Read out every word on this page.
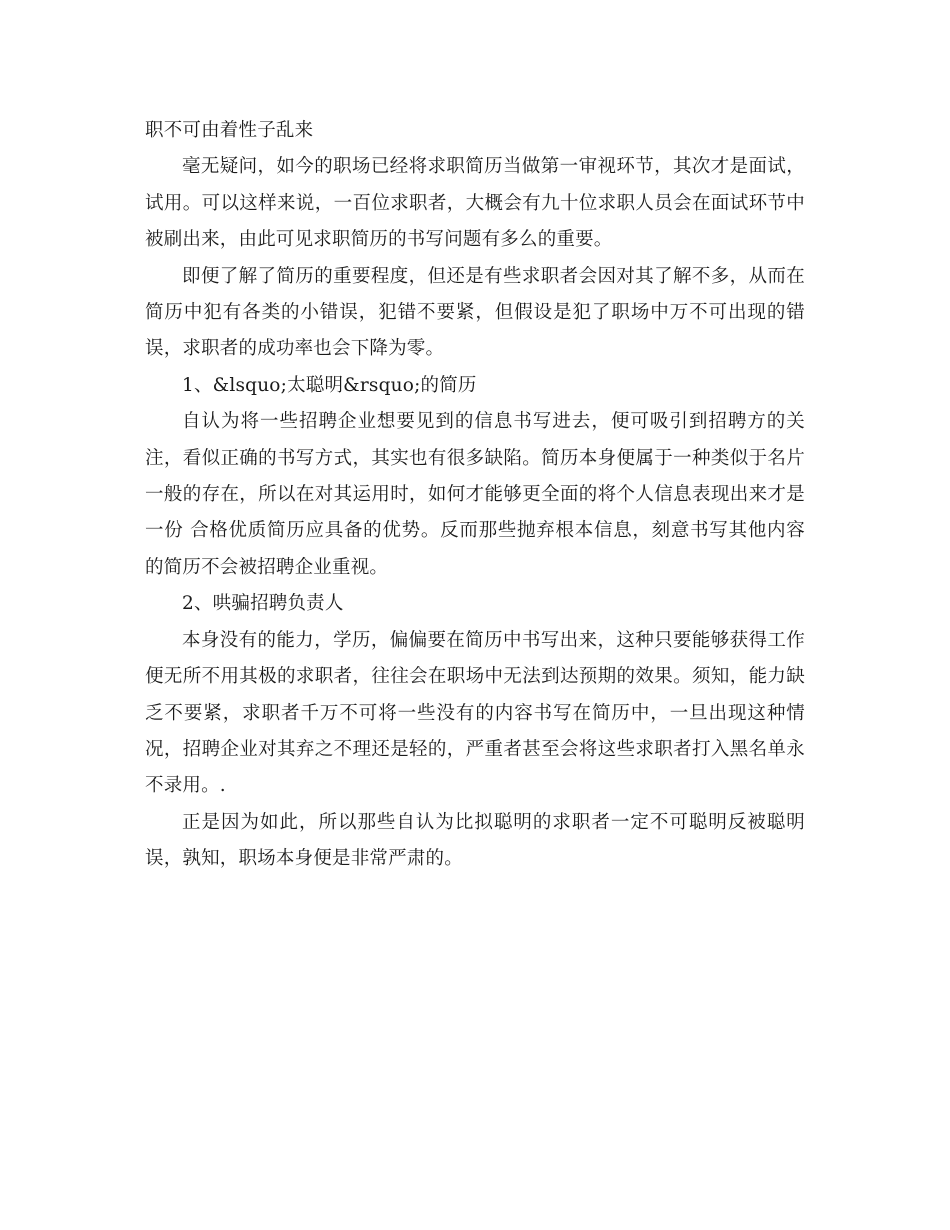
职不可由着性子乱来

毫无疑问，如今的职场已经将求职简历当做第一审视环节，其次才是面试，试用。可以这样来说，一百位求职者，大概会有九十位求职人员会在面试环节中被刷出来，由此可见求职简历的书写问题有多么的重要。

即便了解了简历的重要程度，但还是有些求职者会因对其了解不多，从而在简历中犯有各类的小错误，犯错不要紧，但假设是犯了职场中万不可出现的错误，求职者的成功率也会下降为零。

1、&lsquo;太聪明&rsquo;的简历

自认为将一些招聘企业想要见到的信息书写进去，便可吸引到招聘方的关注，看似正确的书写方式，其实也有很多缺陷。简历本身便属于一种类似于名片一般的存在，所以在对其运用时，如何才能够更全面的将个人信息表现出来才是一份 合格优质简历应具备的优势。反而那些抛弃根本信息，刻意书写其他内容的简历不会被招聘企业重视。

2、哄骗招聘负责人

本身没有的能力，学历，偏偏要在简历中书写出来，这种只要能够获得工作便无所不用其极的求职者，往往会在职场中无法到达预期的效果。须知，能力缺乏不要紧，求职者千万不可将一些没有的内容书写在简历中，一旦出现这种情况，招聘企业对其弃之不理还是轻的，严重者甚至会将这些求职者打入黑名单永不录用。.

正是因为如此，所以那些自认为比拟聪明的求职者一定不可聪明反被聪明误，孰知，职场本身便是非常严肃的。
